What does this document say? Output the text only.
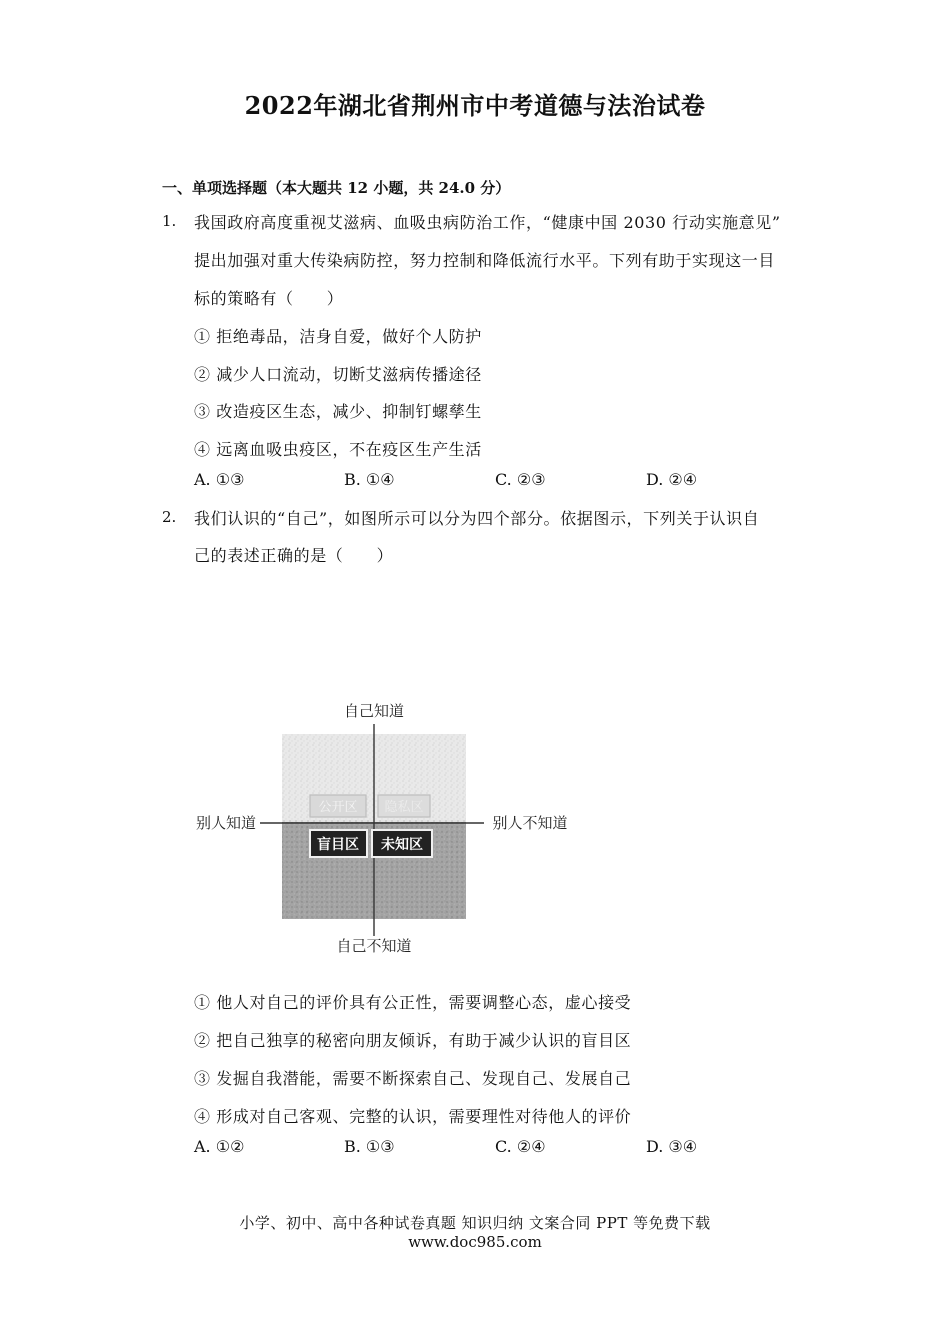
2022年湖北省荆州市中考道德与法治试卷
一、单项选择题（本大题共 12 小题，共 24.0 分）
1. 我国政府高度重视艾滋病、血吸虫病防治工作，“健康中国 2030 行动实施意见”
提出加强对重大传染病防控，努力控制和降低流行水平。下列有助于实现这一目
标的策略有（　　）
① 拒绝毒品，洁身自爱，做好个人防护
② 减少人口流动，切断艾滋病传播途径
③ 改造疫区生态，减少、抑制钉螺孳生
④ 远离血吸虫疫区，不在疫区生产生活
A. ①③	B. ①④	C. ②③	D. ②④
2. 我们认识的“自己”，如图所示可以分为四个部分。依据图示，下列关于认识自
己的表述正确的是（　　）
自己知道
自己不知道
别人知道	别人不知道
公开区 隐私区
盲目区 未知区
① 他人对自己的评价具有公正性，需要调整心态，虚心接受
② 把自己独享的秘密向朋友倾诉，有助于减少认识的盲目区
③ 发掘自我潜能，需要不断探索自己、发现自己、发展自己
④ 形成对自己客观、完整的认识，需要理性对待他人的评价
A. ①②	B. ①③	C. ②④	D. ③④
小学、初中、高中各种试卷真题 知识归纳 文案合同 PPT 等免费下载
www.doc985.com
